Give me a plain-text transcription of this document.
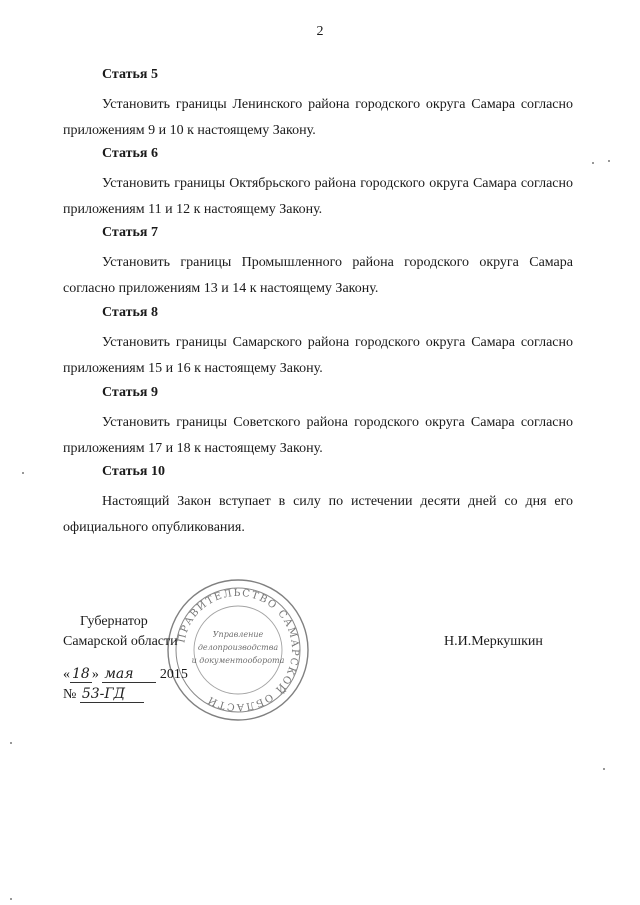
2
Статья 5
Установить границы Ленинского района городского округа Самара согласно приложениям 9 и 10 к настоящему Закону.
Статья 6
Установить границы Октябрьского района городского округа Самара согласно приложениям 11 и 12 к настоящему Закону.
Статья 7
Установить границы Промышленного района городского округа Самара согласно приложениям 13 и 14 к настоящему Закону.
Статья 8
Установить границы Самарского района городского округа Самара согласно приложениям 15 и 16 к настоящему Закону.
Статья 9
Установить границы Советского района городского округа Самара согласно приложениям 17 и 18 к настоящему Закону.
Статья 10
Настоящий Закон вступает в силу по истечении десяти дней со дня его официального опубликования.
ПРАВИТЕЛЬСТВО САМАРСКОЙ ОБЛАСТИ
Управление
делопроизводства
и документооборота
Губернатор
Самарской области	Н.И.Меркушкин
« 18 » мая 2015
№ 53-ГД
